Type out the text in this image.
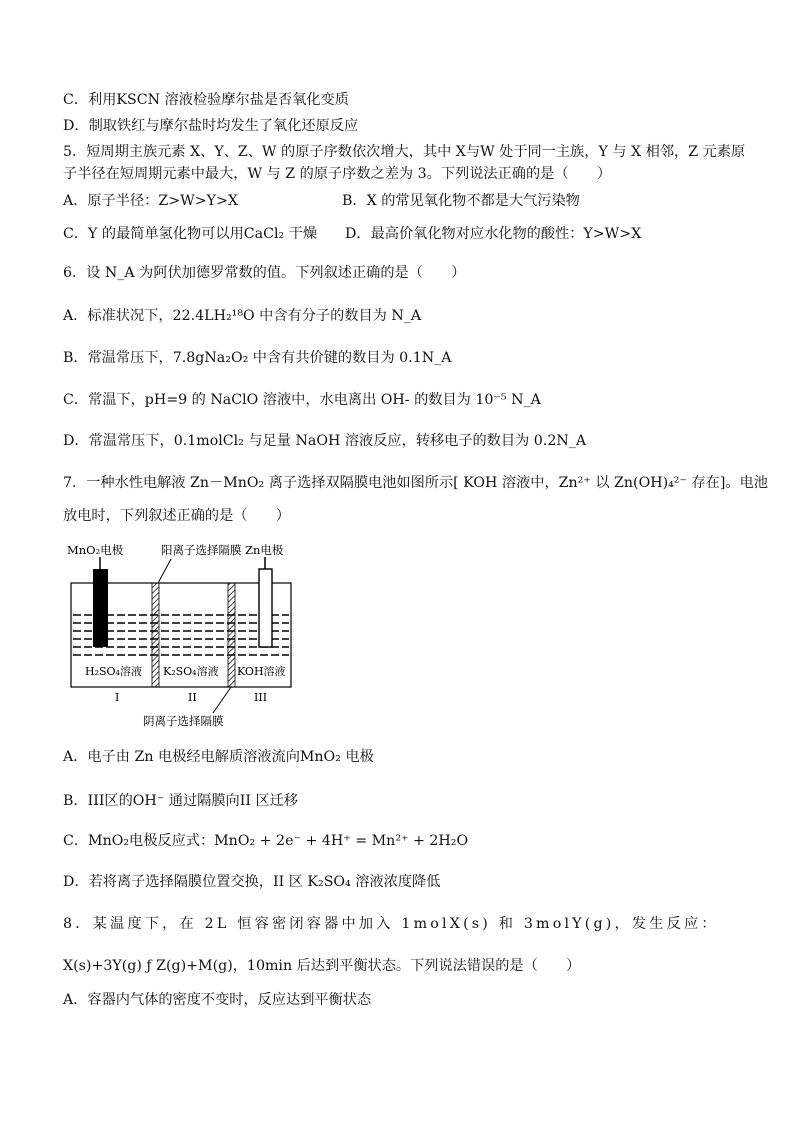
C．利用KSCN 溶液检验摩尔盐是否氧化变质
D．制取铁红与摩尔盐时均发生了氧化还原反应
5．短周期主族元素 X、Y、Z、W 的原子序数依次增大，其中 X与W 处于同一主族，Y 与 X 相邻，Z 元素原
子半径在短周期元素中最大，W 与 Z 的原子序数之差为 3。下列说法正确的是（　　）
A．原子半径：Z>W>Y>X	B．X 的常见氧化物不都是大气污染物
C．Y 的最简单氢化物可以用CaCl₂ 干燥 D．最高价氧化物对应水化物的酸性：Y>W>X
6．设 N_A 为阿伏加德罗常数的值。下列叙述正确的是（　　）
A．标准状况下，22.4LH₂¹⁸O 中含有分子的数目为 N_A
B．常温常压下，7.8gNa₂O₂ 中含有共价键的数目为 0.1N_A
C．常温下，pH=9 的 NaClO 溶液中，水电离出 OH- 的数目为 10⁻⁵ N_A
D．常温常压下，0.1molCl₂ 与足量 NaOH 溶液反应，转移电子的数目为 0.2N_A
7．一种水性电解液 Zn－MnO₂ 离子选择双隔膜电池如图所示[ KOH 溶液中，Zn²⁺ 以 Zn(OH)₄²⁻ 存在]。电池
放电时，下列叙述正确的是（　　）
A．电子由 Zn 电极经电解质溶液流向MnO₂ 电极
B．III区的OH⁻ 通过隔膜向II 区迁移
C．MnO₂电极反应式：MnO₂ + 2e⁻ + 4H⁺ = Mn²⁺ + 2H₂O
D．若将离子选择隔膜位置交换，II 区 K₂SO₄ 溶液浓度降低
8．某温度下，在 2L 恒容密闭容器中加入 1molX(s) 和 3molY(g)，发生反应：
X(s)+3Y(g) ƒ Z(g)+M(g)，10min 后达到平衡状态。下列说法错误的是（　　）
A．容器内气体的密度不变时，反应达到平衡状态
MnO₂电极	阳离子选择隔膜 Zn电极
H₂SO₄溶液 K₂SO₄溶液 KOH溶液
I	II	III
阴离子选择隔膜
